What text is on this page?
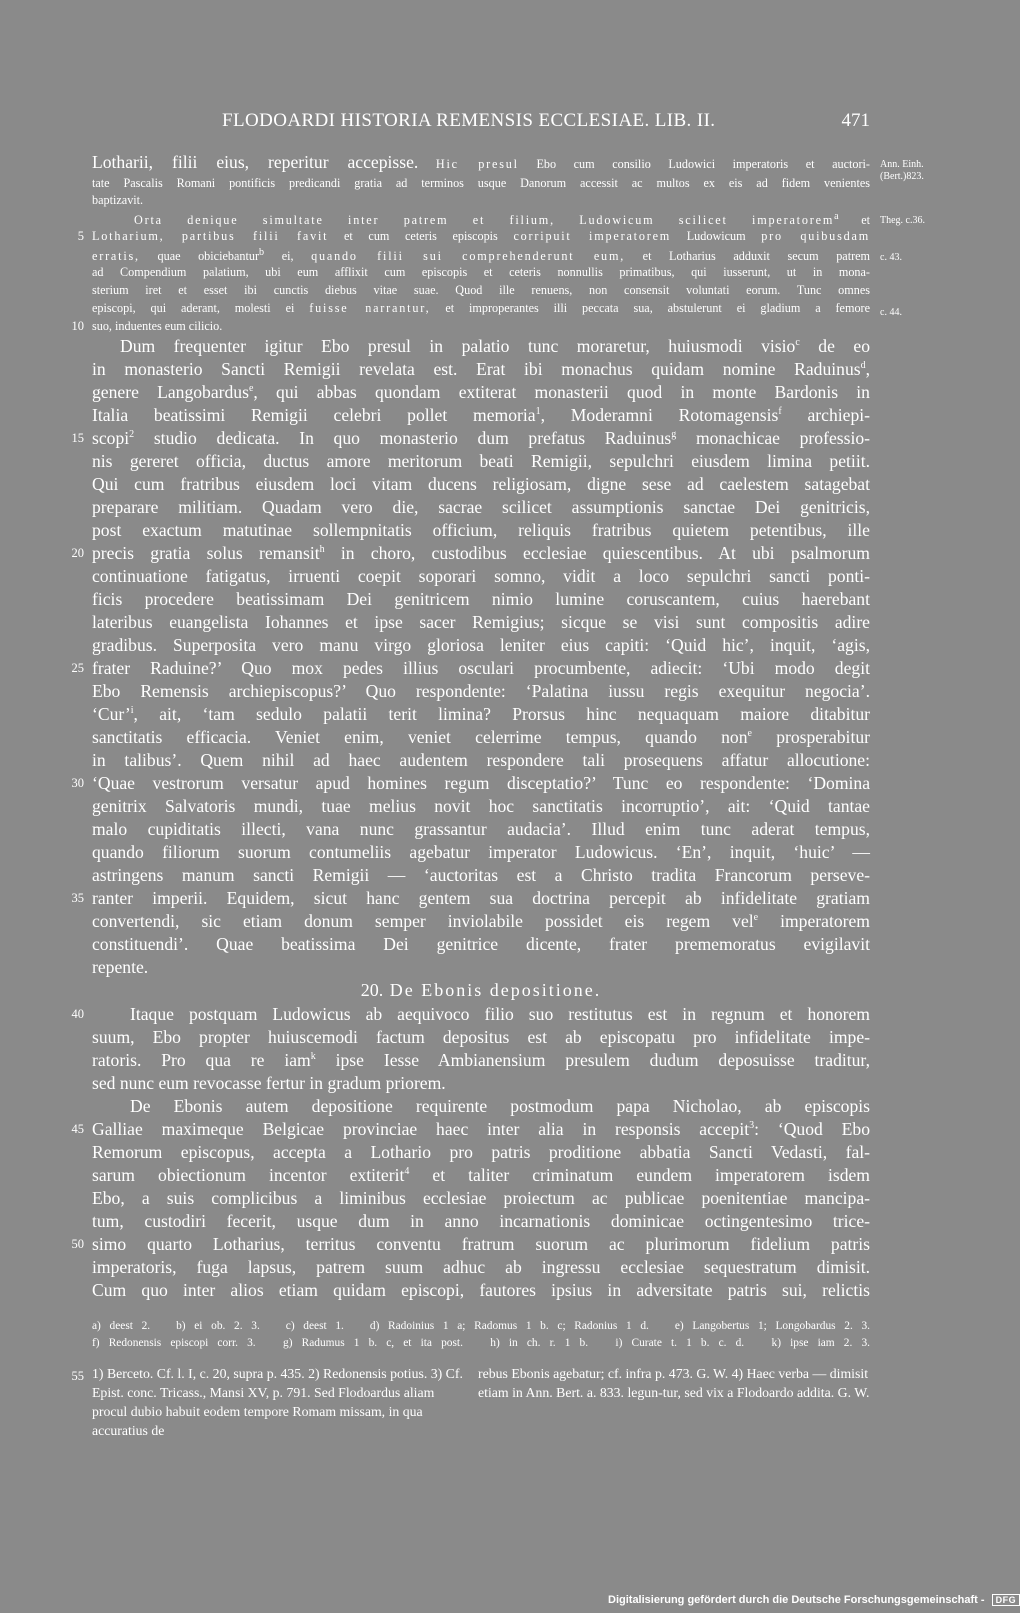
FLODOARDI HISTORIA REMENSIS ECCLESIAE. LIB. II.	471
Ann. Einh.
(Bert.)823.
Theg. c.36.
c. 43.
c. 44.
Lotharii, filii eius, reperitur accepisse. Hic presul Ebo cum consilio Ludowici imperatoris et auctori-
tate Pascalis Romani pontificis predicandi gratia ad terminos usque Danorum accessit ac multos ex eis ad fidem venientes
baptizavit.
Orta denique simultate inter patrem et filium, Ludowicum scilicet imperatorem$^a$ et
5 Lotharium, partibus filii favit et cum ceteris episcopis corripuit imperatorem Ludowicum pro quibusdam
erratis, quae obiciebantur$^b$ ei, quando filii sui comprehenderunt eum, et Lotharius adduxit secum patrem
ad Compendium palatium, ubi eum afflixit cum episcopis et ceteris nonnullis primatibus, qui iusserunt, ut in mona-
sterium iret et esset ibi cunctis diebus vitae suae. Quod ille renuens, non consensit voluntati eorum. Tunc omnes
episcopi, qui aderant, molesti ei fuisse narrantur, et improperantes illi peccata sua, abstulerunt ei gladium a femore
10 suo, induentes eum cilicio.
Dum frequenter igitur Ebo presul in palatio tunc moraretur, huiusmodi visio$^c$ de eo
in monasterio Sancti Remigii revelata est. Erat ibi monachus quidam nomine Raduinus$^d$,
genere Langobardus$^e$, qui abbas quondam extiterat monasterii quod in monte Bardonis in
Italia beatissimi Remigii celebri pollet memoria$^1$, Moderamni Rotomagensis$^f$ archiepi-
15 scopi$^2$ studio dedicata. In quo monasterio dum prefatus Raduinus$^g$ monachicae professio-
nis gereret officia, ductus amore meritorum beati Remigii, sepulchri eiusdem limina petiit.
Qui cum fratribus eiusdem loci vitam ducens religiosam, digne sese ad caelestem satagebat
preparare militiam. Quadam vero die, sacrae scilicet assumptionis sanctae Dei genitricis,
post exactum matutinae sollempnitatis officium, reliquis fratribus quietem petentibus, ille
20 precis gratia solus remansit$^h$ in choro, custodibus ecclesiae quiescentibus. At ubi psalmorum
continuatione fatigatus, irruenti coepit soporari somno, vidit a loco sepulchri sancti ponti-
ficis procedere beatissimam Dei genitricem nimio lumine coruscantem, cuius haerebant
lateribus euangelista Iohannes et ipse sacer Remigius; sicque se visi sunt compositis adire
gradibus. Superposita vero manu virgo gloriosa leniter eius capiti: ‘Quid hic’, inquit, ‘agis,
25 frater Raduine?’ Quo mox pedes illius osculari procumbente, adiecit: ‘Ubi modo degit
Ebo Remensis archiepiscopus?’ Quo respondente: ‘Palatina iussu regis exequitur negocia’.
‘Cur’$^i$, ait, ‘tam sedulo palatii terit limina? Prorsus hinc nequaquam maiore ditabitur
sanctitatis efficacia. Veniet enim, veniet celerrime tempus, quando non$^e$ prosperabitur
in talibus’. Quem nihil ad haec audentem respondere tali prosequens affatur allocutione:
30 ‘Quae vestrorum versatur apud homines regum disceptatio?’ Tunc eo respondente: ‘Domina
genitrix Salvatoris mundi, tuae melius novit hoc sanctitatis incorruptio’, ait: ‘Quid tantae
malo cupiditatis illecti, vana nunc grassantur audacia’. Illud enim tunc aderat tempus,
quando filiorum suorum contumeliis agebatur imperator Ludowicus. ‘En’, inquit, ‘huic’ —
astringens manum sancti Remigii — ‘auctoritas est a Christo tradita Francorum perseve-
35 ranter imperii. Equidem, sicut hanc gentem sua doctrina percepit ab infidelitate gratiam
convertendi, sic etiam donum semper inviolabile possidet eis regem vel$^e$ imperatorem
constituendi’. Quae beatissima Dei genitrice dicente, frater prememoratus evigilavit
repente.
20. De Ebonis depositione.
40	Itaque postquam Ludowicus ab aequivoco filio suo restitutus est in regnum et honorem
suum, Ebo propter huiuscemodi factum depositus est ab episcopatu pro infidelitate impe-
ratoris. Pro qua re iam$^k$ ipse Iesse Ambianensium presulem dudum deposuisse traditur,
sed nunc eum revocasse fertur in gradum priorem.
De Ebonis autem depositione requirente postmodum papa Nicholao, ab episcopis
45 Galliae maximeque Belgicae provinciae haec inter alia in responsis accepit$^3$: ‘Quod Ebo
Remorum episcopus, accepta a Lothario pro patris proditione abbatia Sancti Vedasti, fal-
sarum obiectionum incentor extiterit$^4$ et taliter criminatum eundem imperatorem isdem
Ebo, a suis complicibus a liminibus ecclesiae proiectum ac publicae poenitentiae mancipa-
tum, custodiri fecerit, usque dum in anno incarnationis dominicae octingentesimo trice-
50 simo quarto Lotharius, territus conventu fratrum suorum ac plurimorum fidelium patris
imperatoris, fuga lapsus, patrem suum adhuc ab ingressu ecclesiae sequestratum dimisit.
Cum quo inter alios etiam quidam episcopi, fautores ipsius in adversitate patris sui, relictis
a) deest 2.   b) ei ob. 2. 3.   c) deest 1.   d) Radoinius 1 a; Radomus 1 b. c; Radonius 1 d.   e) Langobertus 1; Longobardus 2. 3.
f) Redonensis episcopi corr. 3.   g) Radumus 1 b. c, et ita post.   h) in ch. r. 1 b.   i) Curate t. 1 b. c. d.   k) ipse iam 2. 3.
55 1) Berceto. Cf. l. I, c. 20, supra p. 435. 2) Redonensis potius. 3) Cf. Epist. conc. Tricass., Mansi XV, p. 791. Sed Flodoardus aliam procul dubio habuit eodem tempore Romam missam, in qua accuratius de
rebus Ebonis agebatur; cf. infra p. 473. G. W. 4) Haec verba — dimisit etiam in Ann. Bert. a. 833. legun-tur, sed vix a Flodoardo addita. G. W.
Digitalisierung gefördert durch die Deutsche Forschungsgemeinschaft - DFG
